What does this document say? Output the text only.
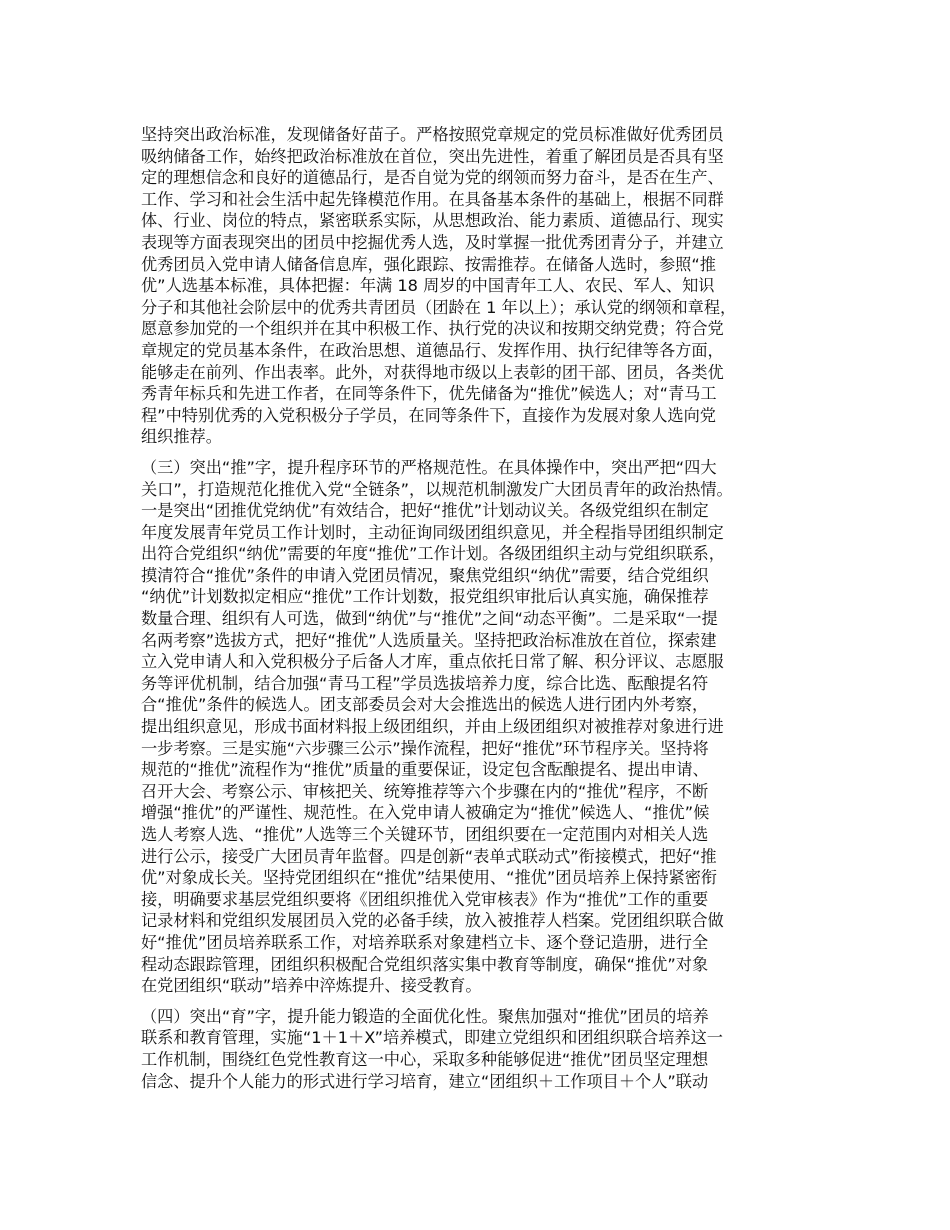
坚持突出政治标准，发现储备好苗子。严格按照党章规定的党员标准做好优秀团员
吸纳储备工作，始终把政治标准放在首位，突出先进性，着重了解团员是否具有坚
定的理想信念和良好的道德品行，是否自觉为党的纲领而努力奋斗，是否在生产、
工作、学习和社会生活中起先锋模范作用。在具备基本条件的基础上，根据不同群
体、行业、岗位的特点，紧密联系实际，从思想政治、能力素质、道德品行、现实
表现等方面表现突出的团员中挖掘优秀人选，及时掌握一批优秀团青分子，并建立
优秀团员入党申请人储备信息库，强化跟踪、按需推荐。在储备人选时，参照“推
优”人选基本标准，具体把握：年满 18 周岁的中国青年工人、农民、军人、知识
分子和其他社会阶层中的优秀共青团员（团龄在 1 年以上）；承认党的纲领和章程，
愿意参加党的一个组织并在其中积极工作、执行党的决议和按期交纳党费；符合党
章规定的党员基本条件，在政治思想、道德品行、发挥作用、执行纪律等各方面，
能够走在前列、作出表率。此外，对获得地市级以上表彰的团干部、团员，各类优
秀青年标兵和先进工作者，在同等条件下，优先储备为“推优”候选人；对“青马工
程”中特别优秀的入党积极分子学员，在同等条件下，直接作为发展对象人选向党
组织推荐。
（三）突出“推”字，提升程序环节的严格规范性。在具体操作中，突出严把“四大
关口”，打造规范化推优入党“全链条”，以规范机制激发广大团员青年的政治热情。
一是突出“团推优党纳优”有效结合，把好“推优”计划动议关。各级党组织在制定
年度发展青年党员工作计划时，主动征询同级团组织意见，并全程指导团组织制定
出符合党组织“纳优”需要的年度“推优”工作计划。各级团组织主动与党组织联系，
摸清符合“推优”条件的申请入党团员情况，聚焦党组织“纳优”需要，结合党组织
“纳优”计划数拟定相应“推优”工作计划数，报党组织审批后认真实施，确保推荐
数量合理、组织有人可选，做到“纳优”与“推优”之间“动态平衡”。二是采取“一提
名两考察”选拔方式，把好“推优”人选质量关。坚持把政治标准放在首位，探索建
立入党申请人和入党积极分子后备人才库，重点依托日常了解、积分评议、志愿服
务等评优机制，结合加强“青马工程”学员选拔培养力度，综合比选、酝酿提名符
合“推优”条件的候选人。团支部委员会对大会推选出的候选人进行团内外考察，
提出组织意见，形成书面材料报上级团组织，并由上级团组织对被推荐对象进行进
一步考察。三是实施“六步骤三公示”操作流程，把好“推优”环节程序关。坚持将
规范的“推优”流程作为“推优”质量的重要保证，设定包含酝酿提名、提出申请、
召开大会、考察公示、审核把关、统筹推荐等六个步骤在内的“推优”程序，不断
增强“推优”的严谨性、规范性。在入党申请人被确定为“推优”候选人、“推优”候
选人考察人选、“推优”人选等三个关键环节，团组织要在一定范围内对相关人选
进行公示，接受广大团员青年监督。四是创新“表单式联动式”衔接模式，把好“推
优”对象成长关。坚持党团组织在“推优”结果使用、“推优”团员培养上保持紧密衔
接，明确要求基层党组织要将《团组织推优入党审核表》作为“推优”工作的重要
记录材料和党组织发展团员入党的必备手续，放入被推荐人档案。党团组织联合做
好“推优”团员培养联系工作，对培养联系对象建档立卡、逐个登记造册，进行全
程动态跟踪管理，团组织积极配合党组织落实集中教育等制度，确保“推优”对象
在党团组织“联动”培养中淬炼提升、接受教育。
（四）突出“育”字，提升能力锻造的全面优化性。聚焦加强对“推优”团员的培养
联系和教育管理，实施“1＋1＋X”培养模式，即建立党组织和团组织联合培养这一
工作机制，围绕红色党性教育这一中心，采取多种能够促进“推优”团员坚定理想
信念、提升个人能力的形式进行学习培育，建立“团组织＋工作项目＋个人”联动
